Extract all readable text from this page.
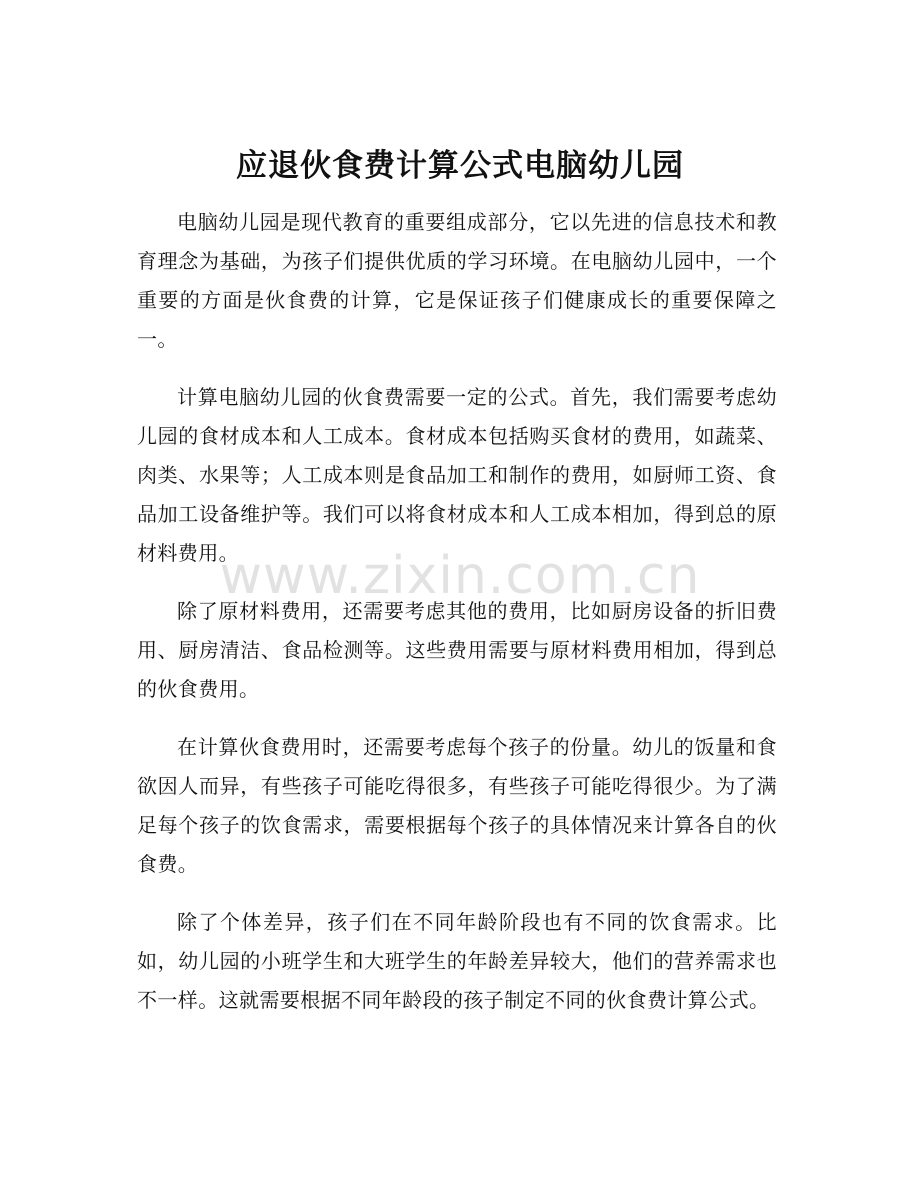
应退伙食费计算公式电脑幼儿园

电脑幼儿园是现代教育的重要组成部分，它以先进的信息技术和教育理念为基础，为孩子们提供优质的学习环境。在电脑幼儿园中，一个重要的方面是伙食费的计算，它是保证孩子们健康成长的重要保障之一。

计算电脑幼儿园的伙食费需要一定的公式。首先，我们需要考虑幼儿园的食材成本和人工成本。食材成本包括购买食材的费用，如蔬菜、肉类、水果等；人工成本则是食品加工和制作的费用，如厨师工资、食品加工设备维护等。我们可以将食材成本和人工成本相加，得到总的原材料费用。

除了原材料费用，还需要考虑其他的费用，比如厨房设备的折旧费用、厨房清洁、食品检测等。这些费用需要与原材料费用相加，得到总的伙食费用。

在计算伙食费用时，还需要考虑每个孩子的份量。幼儿的饭量和食欲因人而异，有些孩子可能吃得很多，有些孩子可能吃得很少。为了满足每个孩子的饮食需求，需要根据每个孩子的具体情况来计算各自的伙食费。

除了个体差异，孩子们在不同年龄阶段也有不同的饮食需求。比如，幼儿园的小班学生和大班学生的年龄差异较大，他们的营养需求也不一样。这就需要根据不同年龄段的孩子制定不同的伙食费计算公式。

www.zixin.com.cn
